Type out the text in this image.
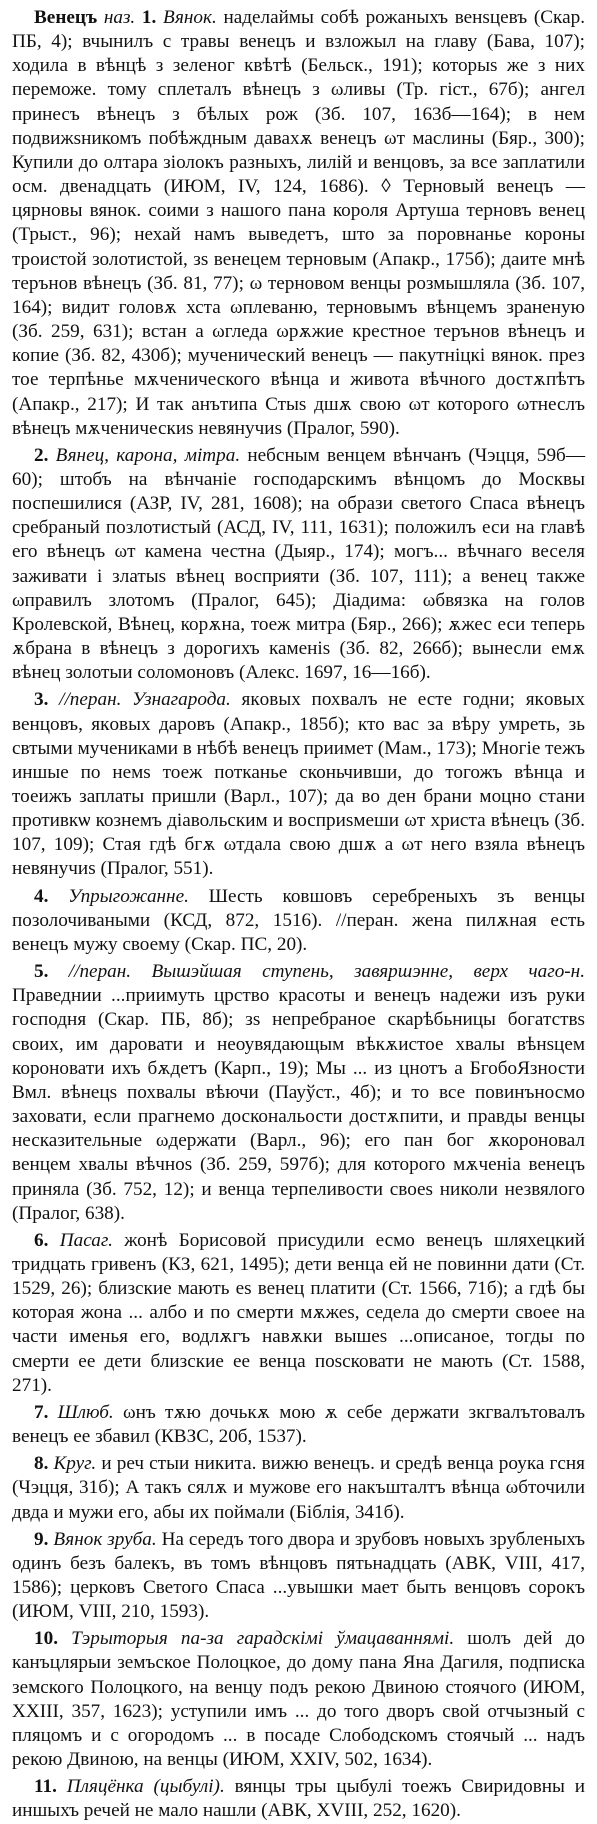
Венецъ наз. 1. Вянок. наделаймы собѣ рожаныхъ венsцевъ (Скар. ПБ, 4); вчынилъ с травы венецъ и взложыл на главу (Бава, 107); ходила в вѣнцѣ з зеленог квѣтѣ (Бельск., 191); которыs же з них переможе. тому сплеталъ вѣнецъ з ωливы (Тр. гіст., 67б); ангел принесъ вѣнецъ з бѣлых рож (Зб. 107, 163б—164); в нем подвижsникомъ побѣждным давахѫ венецъ ωт маслины (Бяр., 300); Купили до олтара зіолокъ разныхъ, лилій и венцовъ, за все заплатили осм. двенадцать (ИЮМ, IV, 124, 1686). ◊ Терновый венецъ — цярновы вянок. соими з нашого пана короля Артуша терновъ венец (Трыст., 96); нехай намъ выведетъ, што за поровнанье короны троистой золотистой, зs венецем терновым (Апакр., 175б); даите мнѣ терънов вѣнецъ (Зб. 81, 77); ω терновом венцы розмышляла (Зб. 107, 164); видит головѫ хста ωплеваню, терновымъ вѣнцемъ зраненую (Зб. 259, 631); встан а ωгледа ωрѫжие крестное терънов вѣнецъ и копие (Зб. 82, 430б); мученический венецъ — пакутніцкі вянок. през тое терпѣнье мѫченического вѣнца и живота вѣчного достѫпѣтъ (Апакр., 217); И так анътипа Стыs дшѫ свою ωт которого ωтнеслъ вѣнецъ мѫченическиs невянучиs (Пралог, 590).

2. Вянец, карона, мітра. небсным венцем вѣнчанъ (Чэцця, 59б—60); штобъ на вѣнчаніе господарскимъ вѣнцомъ до Москвы поспешилися (АЗР, IV, 281, 1608); на образи светого Спаса вѣнецъ сребраный позлотистый (АСД, IV, 111, 1631); положилъ еси на главѣ его вѣнецъ ωт камена честна (Дыяр., 174); могъ... вѣчнаго веселя заживати і златыs вѣнец восприяти (Зб. 107, 111); а венец также ωправилъ злотомъ (Пралог, 645); Діадима: ωбвязка на голов Кролевской, Вѣнец, корѫна, тоеж митра (Бяр., 266); ѫжес еси теперь ѫбрана в вѣнецъ з дорогихъ каменіs (Зб. 82, 266б); вынесли емѫ вѣнец золотыи соломоновъ (Алекс. 1697, 16—16б).

3. //перан. Узнагарода. якoвых похвалъ не есте годни; якoвых венцовъ, якoвых даровъ (Апакр., 185б); кто вас за вѣру умреть, зь свтыми мучениками в нѣбѣ венецъ приимет (Мам., 173); Многіе тежъ иншые по немs тоеж потканье сконьчивши, до тогожъ вѣнца и тоеижъ заплаты пришли (Варл., 107); да во ден брани моцно стани противкѡ кознемъ діавольским и восприsмеши ωт христа вѣнецъ (Зб. 107, 109); Стая гдѣ бгѫ ωтдала свою дшѫ а ωт него взяла вѣнецъ невянучиs (Пралог, 551).

4. Упрыгожанне. Шесть ковшовъ серебреныхъ зъ венцы позолочиваными (КСД, 872, 1516). //перан. жена пилѫная есть венецъ мужу своему (Скар. ПС, 20).

5. //перан. Вышэйшая ступень, завяршэнне, верх чаго-н. Праведнии ...приимуть црство красоты и венецъ надежи изъ руки господня (Скар. ПБ, 8б); зs непребраное скарѣбьницы богатствs своих, им даровати и неоувядающым вѣкѫистое хвалы вѣнsцем короновати ихъ бѫдетъ (Карп., 19); Мы ... из цнотъ а БгобоЯзности Вмл. вѣнецs похвалы вѣючи (Пауўст., 4б); и то все повинъносмо заховати, если прагнемо доскональости достѫпити, и правды венцы несказительные ωдержати (Варл., 96); его пан бог ѫкороновал венцем хвалы вѣчноs (Зб. 259, 597б); для которого мѫченіа венецъ приняла (Зб. 752, 12); и венца терпеливости своеs николи незвялого (Пралог, 638).

6. Пасаг. жонѣ Борисовой присудили есмо венецъ шляхецкий тридцать гривенъ (КЗ, 621, 1495); дети венца ей не повинни дати (Ст. 1529, 26); близские мають еs венец платити (Ст. 1566, 71б); а гдѣ бы которая жона ... албо и по смерти мѫжеs, седела до смерти своее на части именья его, водлѫгъ навѫки вышеs ...описаное, тогды по смерти ее дети близские ее венца поsсковати не мають (Ст. 1588, 271).

7. Шлюб. ωнъ тѫю дочькѫ мою ѫ себе держати зкгвалътовалъ венецъ ее збавил (КВЗС, 20б, 1537).

8. Круг. и реч стыи никита. вижю венецъ. и средѣ венца роука гсня (Чэцця, 31б); А такъ сялѫ и мужове его накъшталтъ вѣнца ωбточили двда и мужи его, абы их поймали (Біблія, 341б).

9. Вянок зруба. На середъ того двора и зрубовъ новыхъ зрубленыхъ одинъ безъ балекъ, въ томъ вѣнцовъ пятьнадцать (АВК, VIII, 417, 1586); церковъ Светого Спаса ...увышки мает быть венцовъ сорокъ (ИЮМ, VIII, 210, 1593).

10. Тэрыторыя па-за гарадскімі ўмацаваннямі. шолъ дей до канъцлярыи земъское Полоцкое, до дому пана Яна Дагиля, подписка земского Полоцкого, на венцу подъ рекою Двиною стоячого (ИЮМ, XXIII, 357, 1623); уступили имъ ... до того дворъ свой отчызный с пляцомъ и с огородомъ ... в посаде Слободскомъ стоячый ... надъ рекою Двиною, на венцы (ИЮМ, XXIV, 502, 1634).

11. Пляцёнка (цыбулі). вянцы тры цыбулі тоежъ Свиридовны и иншыхъ речей не мало нашли (АВК, XVIII, 252, 1620).
